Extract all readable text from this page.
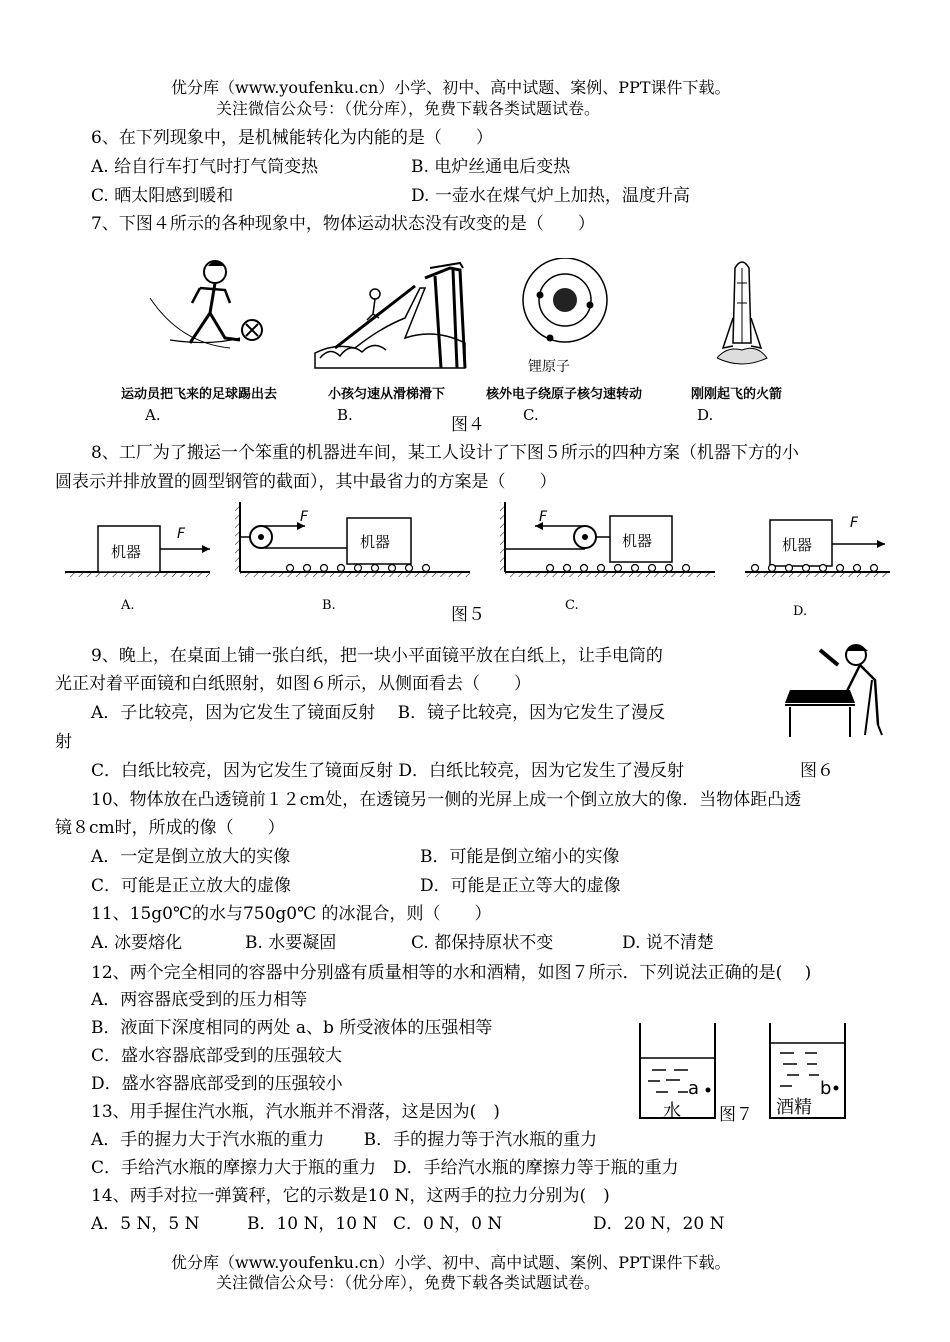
优分库（www.youfenku.cn）小学、初中、高中试题、案例、PPT课件下载。
关注微信公众号：（优分库），免费下载各类试题试卷。
6、在下列现象中，是机械能转化为内能的是（　　）
A. 给自行车打气时打气筒变热	B. 电炉丝通电后变热
C. 晒太阳感到暖和	D. 一壶水在煤气炉上加热，温度升高
7、下图４所示的各种现象中，物体运动状态没有改变的是（　　）
锂原子
运动员把飞来的足球踢出去	小孩匀速从滑梯滑下	核外电子绕原子核匀速转动	刚刚起飞的火箭
A.	B.	图４	C.	D.
8、工厂为了搬运一个笨重的机器进车间，某工人设计了下图５所示的四种方案（机器下方的小
圆表示并排放置的圆型钢管的截面），其中最省力的方案是（　　）
机器
F	机器
F
机器
F
机器
F
A.	B.	图５	C.	D.
9、晚上，在桌面上铺一张白纸，把一块小平面镜平放在白纸上，让手电筒的
光正对着平面镜和白纸照射，如图６所示，从侧面看去（　　）
A．子比较亮，因为它发生了镜面反射　 B．镜子比较亮，因为它发生了漫反
射
C．白纸比较亮，因为它发生了镜面反射 D．白纸比较亮，因为它发生了漫反射	图６
10、物体放在凸透镜前１２cm处，在透镜另一侧的光屏上成一个倒立放大的像．当物体距凸透
镜８cm时，所成的像（　　）
A．一定是倒立放大的实像	B．可能是倒立缩小的实像
C．可能是正立放大的虚像	D．可能是正立等大的虚像
11、15g0℃的水与750g0℃ 的冰混合，则（　　）
A. 冰要熔化	B. 水要凝固	C. 都保持原状不变	D. 说不清楚
12、两个完全相同的容器中分别盛有质量相等的水和酒精，如图７所示．下列说法正确的是(　 )
A．两容器底受到的压力相等
B．液面下深度相同的两处 a、b 所受液体的压强相等
C．盛水容器底部受到的压强较大
D．盛水容器底部受到的压强较小
水
a
酒精
b
图７
13、用手握住汽水瓶，汽水瓶并不滑落，这是因为(　)
A．手的握力大于汽水瓶的重力　　 B．手的握力等于汽水瓶的重力
C．手给汽水瓶的摩擦力大于瓶的重力　D．手给汽水瓶的摩擦力等于瓶的重力
14、两手对拉一弹簧秤，它的示数是10 N，这两手的拉力分别为(　)
A．5 N，5 N	B．10 N，10 N C．0 N，0 N	D．20 N，20 N
优分库（www.youfenku.cn）小学、初中、高中试题、案例、PPT课件下载。
关注微信公众号：（优分库），免费下载各类试题试卷。
